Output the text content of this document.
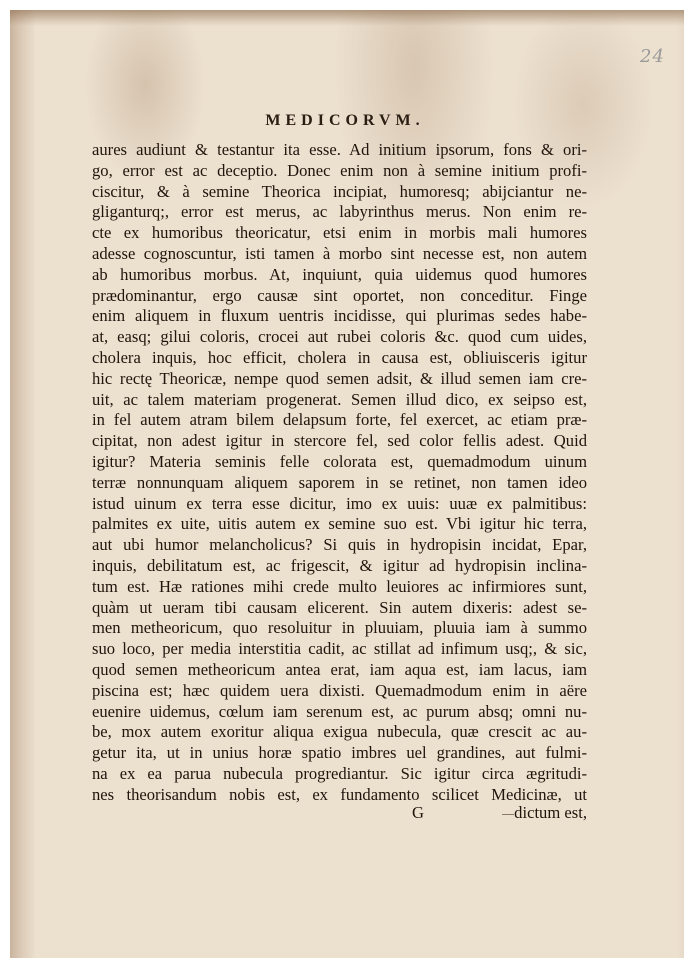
24
MEDICORVM.
aures audiunt & testantur ita esse. Ad initium ipsorum, fons & ori-
go, error est ac deceptio. Donec enim non à semine initium profi-
ciscitur, & à semine Theorica incipiat, humoresq; abijciantur ne-
gliganturq;, error est merus, ac labyrinthus merus. Non enim re-
cte ex humoribus theoricatur, etsi enim in morbis mali humores
adesse cognoscuntur, isti tamen à morbo sint necesse est, non autem
ab humoribus morbus. At, inquiunt, quia uidemus quod humores
prædominantur, ergo causæ sint oportet, non conceditur. Finge
enim aliquem in fluxum uentris incidisse, qui plurimas sedes habe-
at, easq; gilui coloris, crocei aut rubei coloris &c. quod cum uides,
cholera inquis, hoc efficit, cholera in causa est, obliuisceris igitur
hic rectę Theoricæ, nempe quod semen adsit, & illud semen iam cre-
uit, ac talem materiam progenerat. Semen illud dico, ex seipso est,
in fel autem atram bilem delapsum forte, fel exercet, ac etiam præ-
cipitat, non adest igitur in stercore fel, sed color fellis adest. Quid
igitur? Materia seminis felle colorata est, quemadmodum uinum
terræ nonnunquam aliquem saporem in se retinet, non tamen ideo
istud uinum ex terra esse dicitur, imo ex uuis: uuæ ex palmitibus:
palmites ex uite, uitis autem ex semine suo est. Vbi igitur hic terra,
aut ubi humor melancholicus? Si quis in hydropisin incidat, Epar,
inquis, debilitatum est, ac frigescit, & igitur ad hydropisin inclina-
tum est. Hæ rationes mihi crede multo leuiores ac infirmiores sunt,
quàm ut ueram tibi causam elicerent. Sin autem dixeris: adest se-
men metheoricum, quo resoluitur in pluuiam, pluuia iam à summo
suo loco, per media interstitia cadit, ac stillat ad infimum usq;, & sic,
quod semen metheoricum antea erat, iam aqua est, iam lacus, iam
piscina est; hæc quidem uera dixisti. Quemadmodum enim in aëre
euenire uidemus, cœlum iam serenum est, ac purum absq; omni nu-
be, mox autem exoritur aliqua exigua nubecula, quæ crescit ac au-
getur ita, ut in unius horæ spatio imbres uel grandines, aut fulmi-
na ex ea parua nubecula progrediantur. Sic igitur circa ægritudi-
nes theorisandum nobis est, ex fundamento scilicet Medicinæ, ut
G	dictum est,
